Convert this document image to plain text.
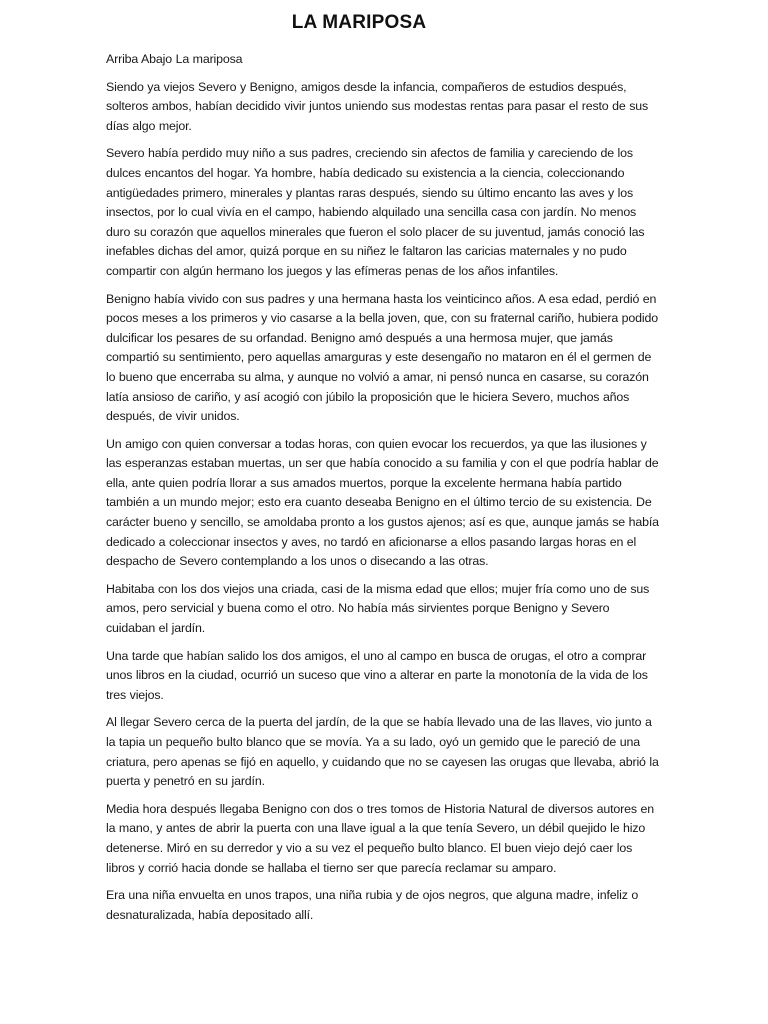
LA MARIPOSA

Arriba Abajo La mariposa

Siendo ya viejos Severo y Benigno, amigos desde la infancia, compañeros de estudios después, solteros ambos, habían decidido vivir juntos uniendo sus modestas rentas para pasar el resto de sus días algo mejor.

Severo había perdido muy niño a sus padres, creciendo sin afectos de familia y careciendo de los dulces encantos del hogar. Ya hombre, había dedicado su existencia a la ciencia, coleccionando antigüedades primero, minerales y plantas raras después, siendo su último encanto las aves y los insectos, por lo cual vivía en el campo, habiendo alquilado una sencilla casa con jardín. No menos duro su corazón que aquellos minerales que fueron el solo placer de su juventud, jamás conoció las inefables dichas del amor, quizá porque en su niñez le faltaron las caricias maternales y no pudo compartir con algún hermano los juegos y las efímeras penas de los años infantiles.

Benigno había vivido con sus padres y una hermana hasta los veinticinco años. A esa edad, perdió en pocos meses a los primeros y vio casarse a la bella joven, que, con su fraternal cariño, hubiera podido dulcificar los pesares de su orfandad. Benigno amó después a una hermosa mujer, que jamás compartió su sentimiento, pero aquellas amarguras y este desengaño no mataron en él el germen de lo bueno que encerraba su alma, y aunque no volvió a amar, ni pensó nunca en casarse, su corazón latía ansioso de cariño, y así acogió con júbilo la proposición que le hiciera Severo, muchos años después, de vivir unidos.

Un amigo con quien conversar a todas horas, con quien evocar los recuerdos, ya que las ilusiones y las esperanzas estaban muertas, un ser que había conocido a su familia y con el que podría hablar de ella, ante quien podría llorar a sus amados muertos, porque la excelente hermana había partido también a un mundo mejor; esto era cuanto deseaba Benigno en el último tercio de su existencia. De carácter bueno y sencillo, se amoldaba pronto a los gustos ajenos; así es que, aunque jamás se había dedicado a coleccionar insectos y aves, no tardó en aficionarse a ellos pasando largas horas en el despacho de Severo contemplando a los unos o disecando a las otras.

Habitaba con los dos viejos una criada, casi de la misma edad que ellos; mujer fría como uno de sus amos, pero servicial y buena como el otro. No había más sirvientes porque Benigno y Severo cuidaban el jardín.

Una tarde que habían salido los dos amigos, el uno al campo en busca de orugas, el otro a comprar unos libros en la ciudad, ocurrió un suceso que vino a alterar en parte la monotonía de la vida de los tres viejos.

Al llegar Severo cerca de la puerta del jardín, de la que se había llevado una de las llaves, vio junto a la tapia un pequeño bulto blanco que se movía. Ya a su lado, oyó un gemido que le pareció de una criatura, pero apenas se fijó en aquello, y cuidando que no se cayesen las orugas que llevaba, abrió la puerta y penetró en su jardín.

Media hora después llegaba Benigno con dos o tres tomos de Historia Natural de diversos autores en la mano, y antes de abrir la puerta con una llave igual a la que tenía Severo, un débil quejido le hizo detenerse. Miró en su derredor y vio a su vez el pequeño bulto blanco. El buen viejo dejó caer los libros y corrió hacia donde se hallaba el tierno ser que parecía reclamar su amparo.

Era una niña envuelta en unos trapos, una niña rubia y de ojos negros, que alguna madre, infeliz o desnaturalizada, había depositado allí.
